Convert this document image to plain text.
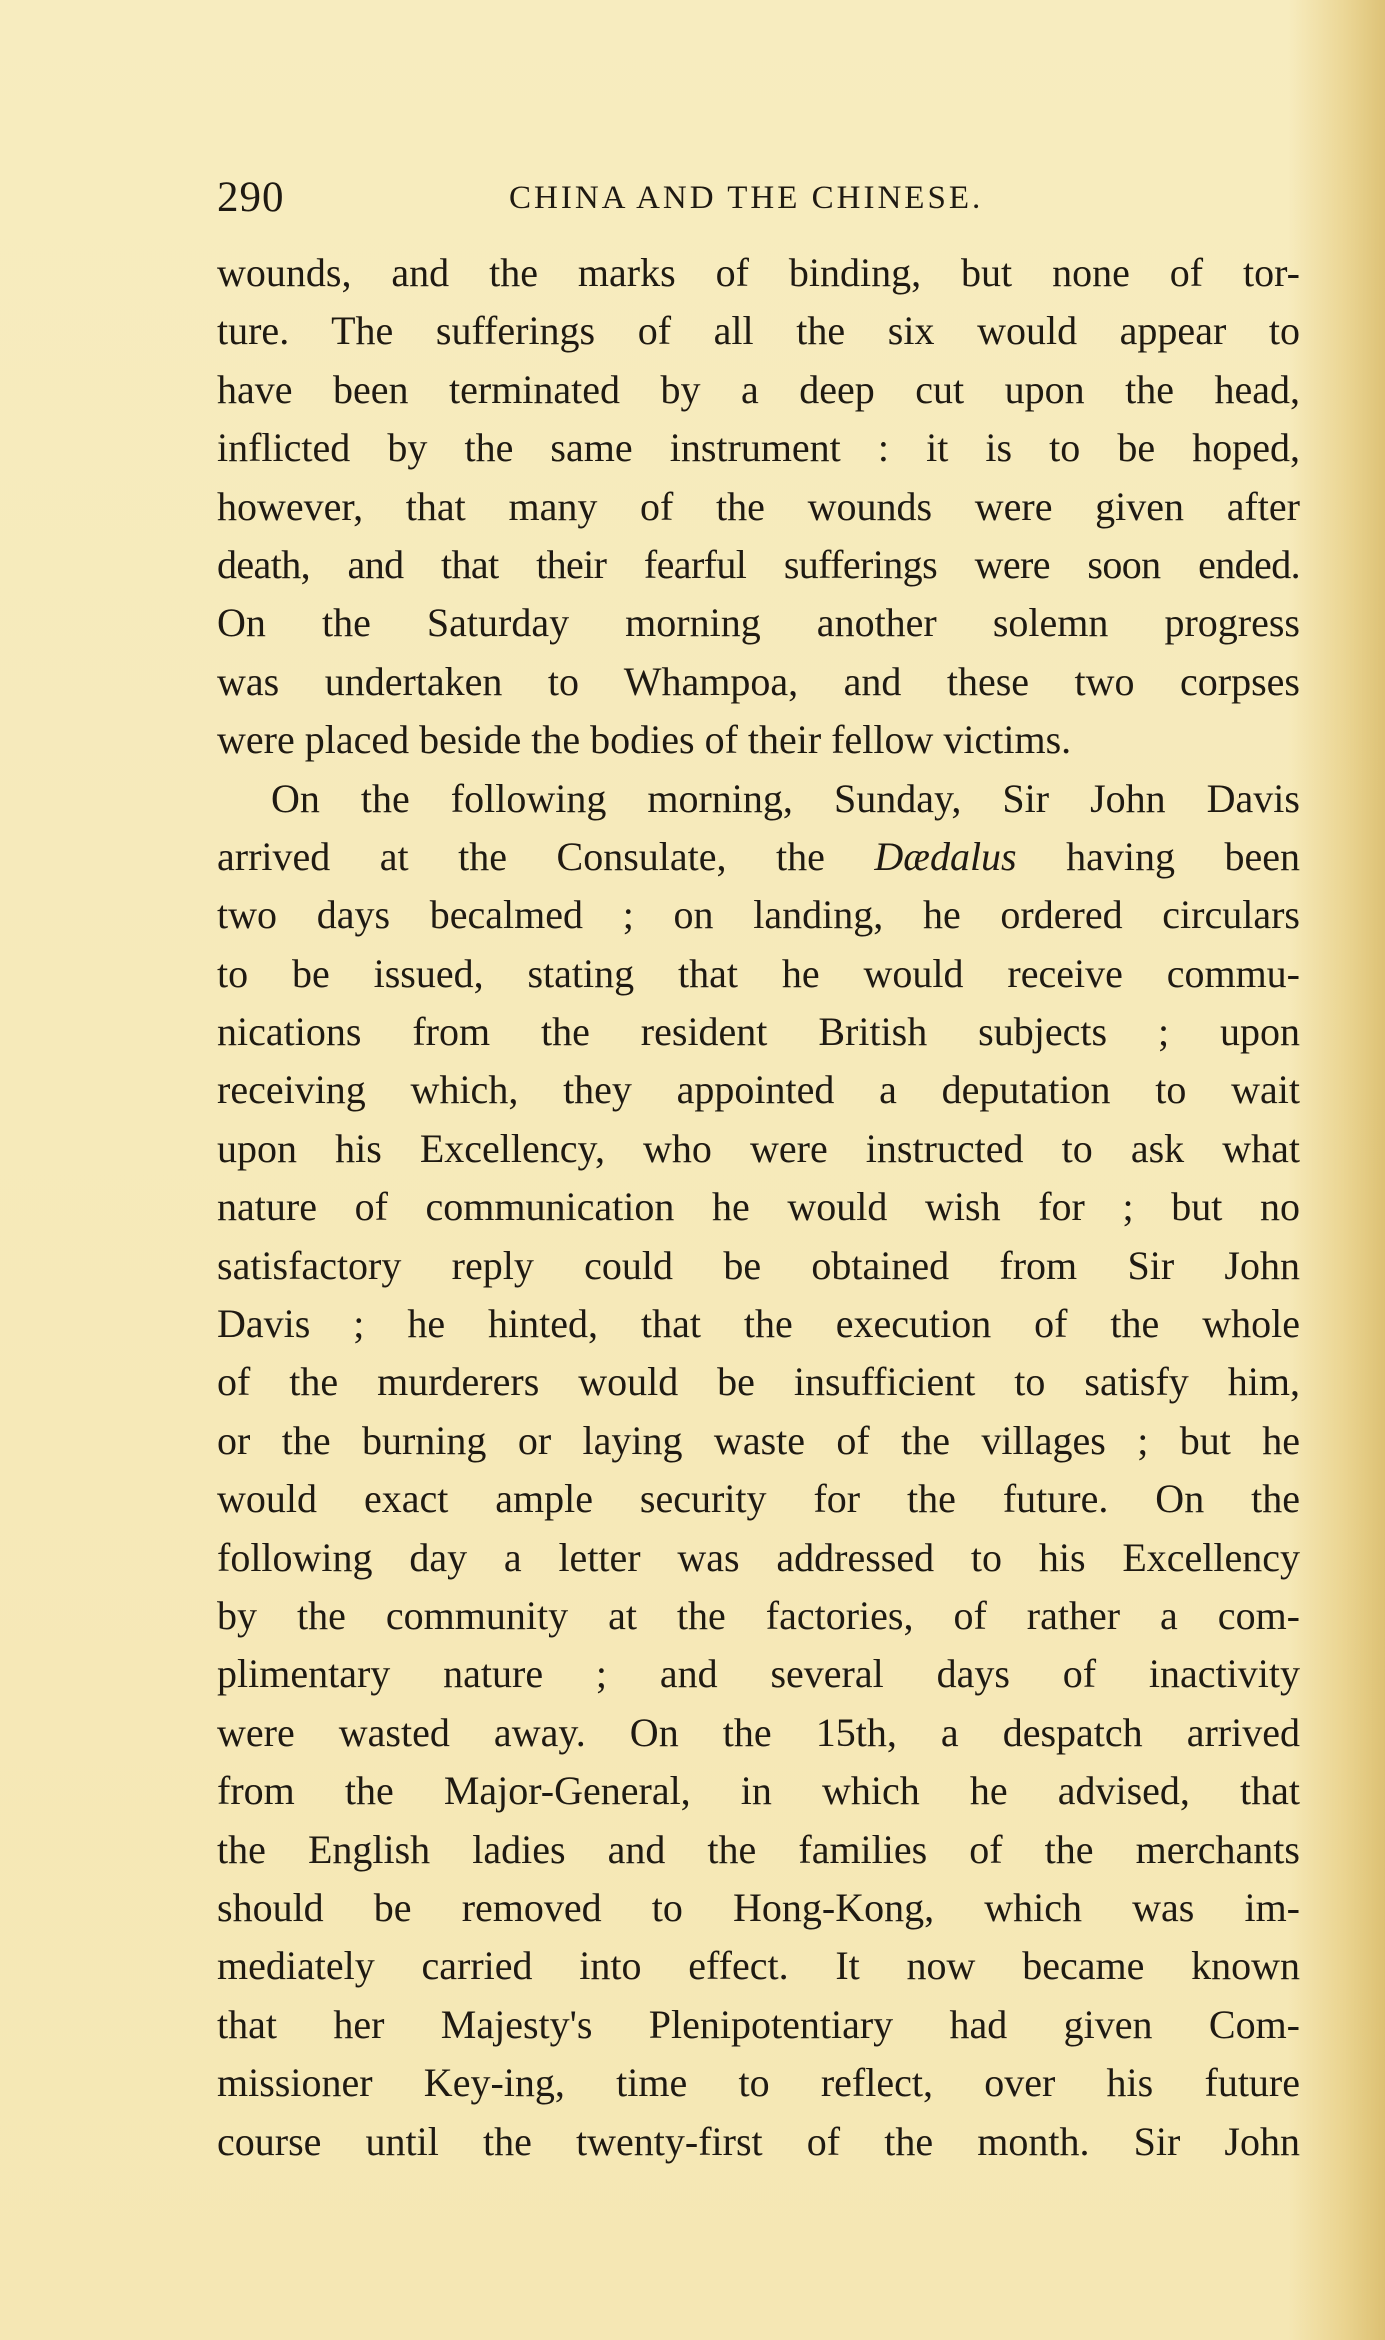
290	CHINA AND THE CHINESE.
wounds, and the marks of binding, but none of tor-
ture. The sufferings of all the six would appear to
have been terminated by a deep cut upon the head,
inflicted by the same instrument : it is to be hoped,
however, that many of the wounds were given after
death, and that their fearful sufferings were soon ended.
On the Saturday morning another solemn progress
was undertaken to Whampoa, and these two corpses
were placed beside the bodies of their fellow victims.
On the following morning, Sunday, Sir John Davis
arrived at the Consulate, the Dædalus having been
two days becalmed ; on landing, he ordered circulars
to be issued, stating that he would receive commu-
nications from the resident British subjects ; upon
receiving which, they appointed a deputation to wait
upon his Excellency, who were instructed to ask what
nature of communication he would wish for ; but no
satisfactory reply could be obtained from Sir John
Davis ; he hinted, that the execution of the whole
of the murderers would be insufficient to satisfy him,
or the burning or laying waste of the villages ; but he
would exact ample security for the future. On the
following day a letter was addressed to his Excellency
by the community at the factories, of rather a com-
plimentary nature ; and several days of inactivity
were wasted away. On the 15th, a despatch arrived
from the Major-General, in which he advised, that
the English ladies and the families of the merchants
should be removed to Hong-Kong, which was im-
mediately carried into effect. It now became known
that her Majesty's Plenipotentiary had given Com-
missioner Key-ing, time to reflect, over his future
course until the twenty-first of the month. Sir John
